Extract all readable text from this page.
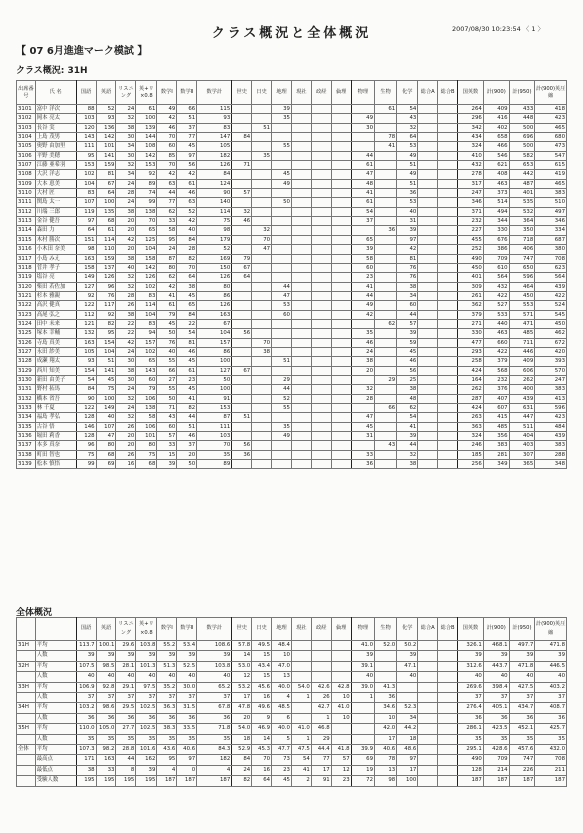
クラス概況と全体概況	2007/08/30 10:23:54 〈 1 〉
【 07 6月進進マーク模試 】
クラス概況: 31H
出席番号	氏 名	国語	英語	リスニング	英+リ×0.8	数学Ⅰ	数学Ⅱ	数学計	世史	日史	地理	現社	政経	倫理	物理	生物	化学	総合A	総合B	国英数	計(900)	計(950)	計(900)英圧縮
3101	富中 洋次	88	52	24	61	49	66	115			39					61	54			264	409	433	418
3102	岡本 亮太	103	93	32	100	42	51	93			35				49		43			296	416	448	423
3103	長谷 実	120	136	38	139	46	37	83		51					30		32			342	402	500	465
3104	上島 茂男	143	142	30	144	70	77	147	84							78	64			434	658	696	680
3105	奥野 由加里	111	101	34	108	60	45	105			55					41	53			324	466	500	473
3106	平野 美穂	95	141	30	142	85	97	182		35					44		49			410	546	582	547
3107	江藤 亜希羽	153	159	32	153	70	56	126	71						61		51			432	621	653	615
3108	大沢 洋志	102	81	34	92	42	42	84			45				47		49			278	408	442	419
3109	大本 恵美	104	67	24	89	63	61	124			49				48		51			317	463	487	465
3110	大村 匠	83	64	28	74	44	46	90	57						41		36			247	373	401	383
3111	関島 太一	107	100	24	99	77	63	140			50				61		53			346	514	535	510
3112	川端 三郎	119	135	38	138	62	52	114	32						54		40			371	494	532	497
3113	金谷 健吾	97	68	20	70	33	42	75	46						37		31			232	344	364	346
3114	森田 力	64	61	20	65	58	40	98		32						36	39			227	330	350	334
3115	木村 勝次	151	114	42	125	95	84	179		70					65		97			455	676	718	687
3116	小木田 奈美	98	110	20	104	24	28	52		47					39		42			252	386	406	380
3117	小島 みえ	163	159	38	158	87	82	169	79						58		81			490	709	747	708
3118	菅井 孝子	158	137	40	142	80	70	150	67						60		76			450	610	650	623
3119	塩谷 亮	149	126	32	126	62	64	126	64						23		76			401	564	596	564
3120	柴田 若佐加	127	96	32	102	42	38	80			44				41		38			309	432	464	439
3121	杉本 雅親	92	76	28	83	41	45	86			47				44		34			261	422	450	422
3122	高沢 健真	122	117	26	114	61	65	126			53				49		60			362	527	553	524
3123	高尾 弘之	112	92	38	104	79	84	163			60				42		44			379	533	571	545
3124	田中 未来	121	82	22	83	45	22	67								62	57			271	440	471	450
3125	塚本 幸輔	132	95	22	94	50	54	104	56						35		39			330	463	485	462
3126	寺島 真美	163	154	42	157	76	81	157		70					46		59			477	660	711	672
3127	永田 紗美	105	104	24	102	40	46	86		38					24		45			293	422	446	420
3128	成瀬 翔太	93	51	30	65	55	45	100			51				38		46			258	379	409	393
3129	西川 知美	154	141	38	143	66	61	127	67						20		56			424	568	606	570
3130	新田 由美子	54	45	30	60	27	23	50			29					29	25			164	232	262	247
3131	野村 拓馬	84	75	24	79	55	45	100			44				32		38			262	376	400	383
3132	橋本 省吾	90	100	32	106	50	41	91			52				28		48			287	407	439	413
3133	林 千夏	122	149	24	138	71	82	153			55					66	62			424	607	631	596
3134	福島 孝弘	128	40	32	58	43	44	87	51						47		54			263	415	447	423
3135	古谷 悟	146	107	26	106	60	51	111			35				45		41			363	485	511	484
3136	堀田 莉香	128	47	20	101	57	46	103			49				31		39			324	356	404	439
3137	本多 真奈	96	80	20	80	33	37	70	56							43	44			246	383	403	383
3138	町田 智也	75	68	26	75	15	20	35	36						33		32			185	281	307	288
3139	松本 慎悟	99	69	16	68	39	50	89							36		38			256	349	365	348
全体概況
		国語	英語	リスニング	英+リ×0.8	数学Ⅰ	数学Ⅱ	数学計	世史	日史	地理	現社	政経	倫理	物理	生物	化学	総合A	総合B	国英数	計(900)	計(950)	計(900)英圧縮
31H	平均	113.7	100.1	29.6	103.8	55.2	53.4	108.6	57.8	49.5	48.4				41.0	52.0	50.2			326.1	468.1	497.7	471.8
	人数	39	39	39	39	39	39	39	14	15	10				39		39			39	39	39	39
32H	平均	107.5	98.5	28.1	101.3	51.3	52.5	103.8	53.0	43.4	47.0				39.1		47.1			312.6	443.7	471.8	446.5
	人数	40	40	40	40	40	40	40	12	15	13				40		40			40	40	40	40
33H	平均	106.9	92.8	29.1	97.5	35.2	30.0	65.2	53.2	45.6	40.0	54.0	42.6	42.8	39.0	41.3				269.6	398.4	427.5	403.2
	人数	37	37	37	37	37	37	37	17	16	4	1	26	10	1	36				37	37	37	37
34H	平均	103.2	98.6	29.5	102.5	36.3	31.5	67.8	47.8	49.6	48.5		42.7	41.0		34.6	52.3			276.4	405.1	434.7	408.7
	人数	36	36	36	36	36	36	36	20	9	6		1	10		10	34			36	36	36	36
35H	平均	110.0	105.0	27.7	102.5	38.3	33.5	71.8	54.0	46.9	40.0	41.0	46.8			42.0	44.2			286.1	423.5	452.1	425.7
	人数	35	35	35	35	35	35	35	18	14	5	1	29			17	18			35	35	35	35
全体	平均	107.3	98.2	28.8	101.6	43.6	40.6	84.3	52.9	45.3	47.7	47.5	44.4	41.8	39.9	40.6	48.6			295.1	428.6	457.6	432.0
	最高点	171	163	44	162	95	97	182	84	70	73	54	77	57	69	78	97			490	709	747	708
	最低点	38	33	8	39	4	0	4	24	16	23	41	17	12	19	13	17			128	214	226	211
	受験人数	195	195	195	195	187	187	187	82	64	45	2	91	23	72	98	100			187	187	187	187
